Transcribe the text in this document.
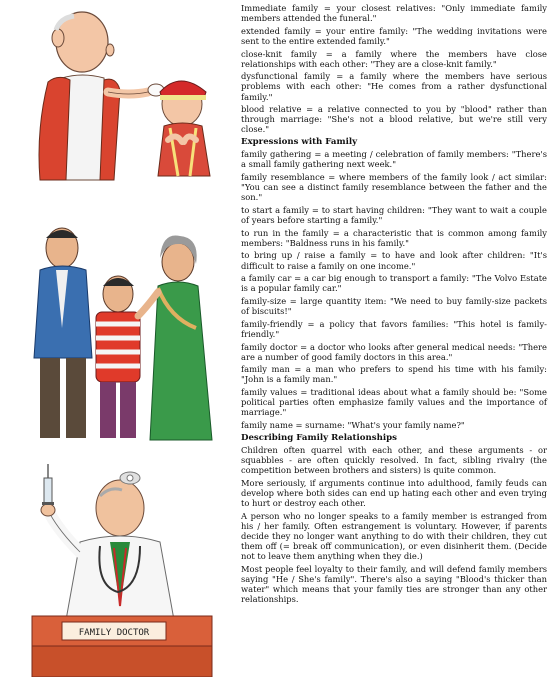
FAMILY DOCTOR

Immediate family = your closest relatives: "Only immediate family members attended the funeral."

extended family = your entire family: "The wedding invitations were sent to the entire extended family."

close-knit family = a family where the members have close relationships with each other: "They are a close-knit family."

dysfunctional family = a family where the members have serious problems with each other: "He comes from a rather dysfunctional family."

blood relative = a relative connected to you by "blood" rather than through marriage: "She's not a blood relative, but we're still very close."

Expressions with Family

family gathering = a meeting / celebration of family members: "There's a small family gathering next week."

family resemblance = where members of the family look / act similar: "You can see a distinct family resemblance between the father and the son."

to start a family = to start having children: "They want to wait a couple of years before starting a family."

to run in the family = a characteristic that is common among family members: "Baldness runs in his family."

to bring up / raise a family = to have and look after children: "It's difficult to raise a family on one income."

a family car = a car big enough to transport a family: "The Volvo Estate is a popular family car."

family-size = large quantity item: "We need to buy family-size packets of biscuits!"

family-friendly = a policy that favors families: "This hotel is family-friendly."

family doctor = a doctor who looks after general medical needs: "There are a number of good family doctors in this area."

family man = a man who prefers to spend his time with his family: "John is a family man."

family values = traditional ideas about what a family should be: "Some political parties often emphasize family values and the importance of marriage."

family name = surname: "What's your family name?"

Describing Family Relationships

Children often quarrel with each other, and these arguments - or squabbles - are often quickly resolved. In fact, sibling rivalry (the competition between brothers and sisters) is quite common.

More seriously, if arguments continue into adulthood, family feuds can develop where both sides can end up hating each other and even trying to hurt or destroy each other.

A person who no longer speaks to a family member is estranged from his / her family. Often estrangement is voluntary. However, if parents decide they no longer want anything to do with their children, they cut them off (= break off communication), or even disinherit them. (Decide not to leave them anything when they die.)

Most people feel loyalty to their family, and will defend family members saying "He / She's family". There's also a saying "Blood's thicker than water" which means that your family ties are stronger than any other relationships.
